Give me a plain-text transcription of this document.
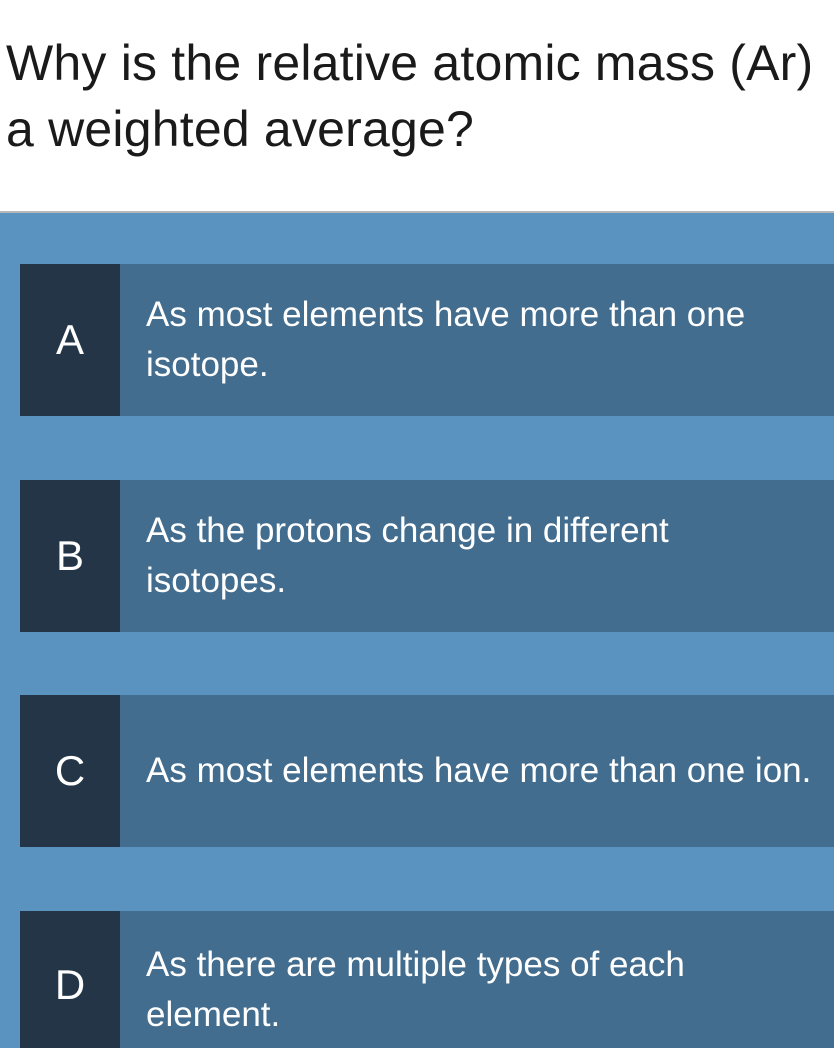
Why is the relative atomic mass (Ar) a weighted average?
A
As most elements have more than one isotope.
B
As the protons change in different isotopes.
C As most elements have more than one ion.
D As there are multiple types of each element.
